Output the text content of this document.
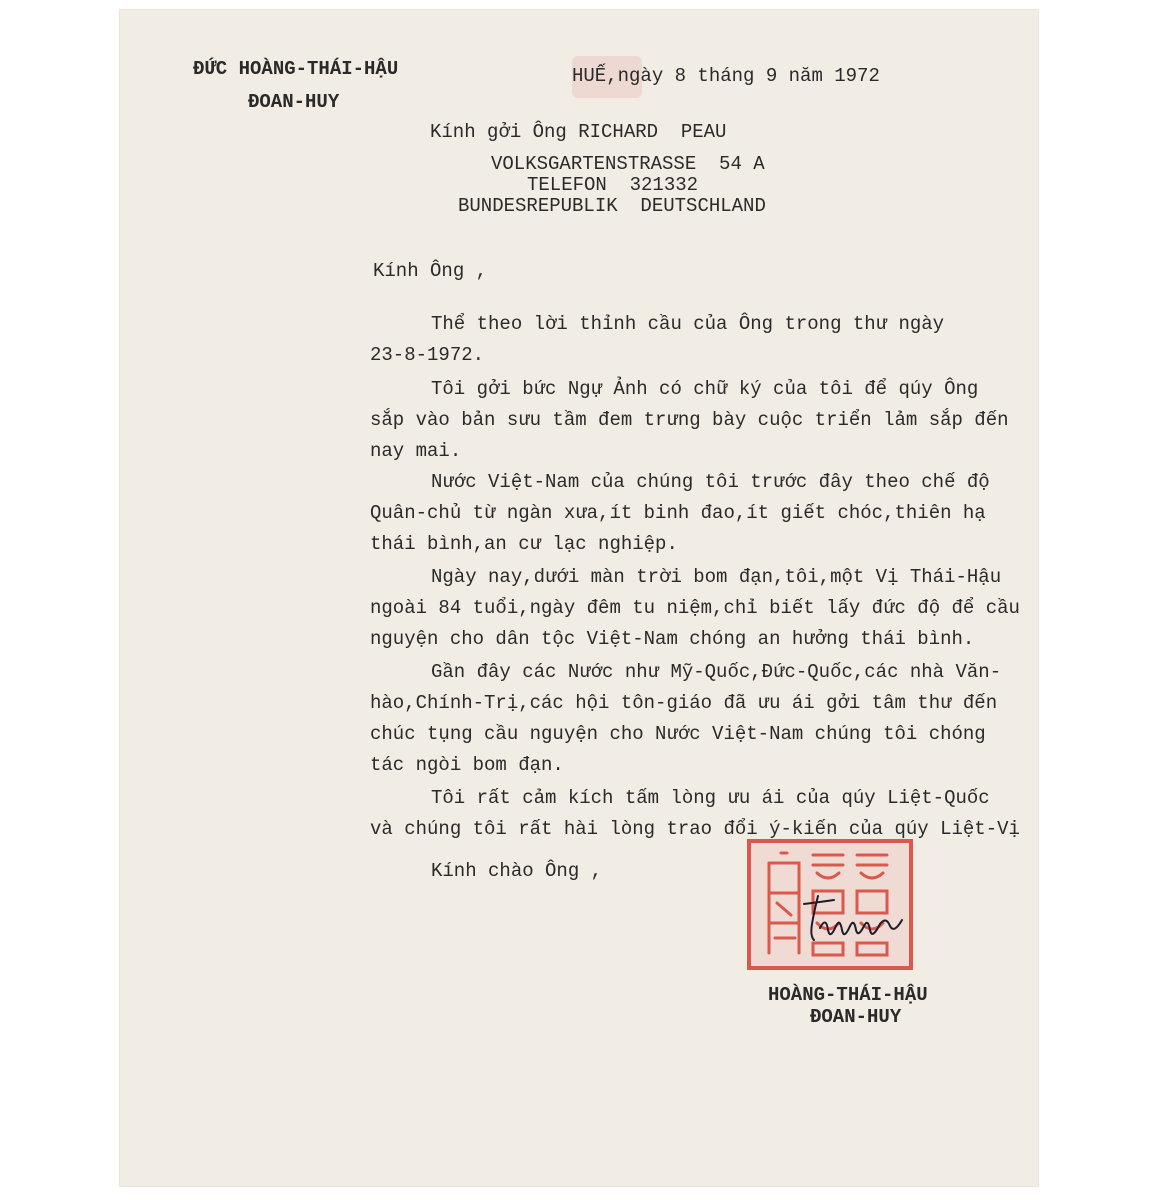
ĐỨC HOÀNG-THÁI-HẬU
ĐOAN-HUY
HUẾ,ngày 8 tháng 9 năm 1972
Kính gởi Ông RICHARD  PEAU
VOLKSGARTENSTRASSE  54 A
TELEFON  321332
BUNDESREPUBLIK  DEUTSCHLAND
Kính Ông ,
Thể theo lời thỉnh cầu của Ông trong thư ngày
23-8-1972.
Tôi gởi bức Ngự Ảnh có chữ ký của tôi để qúy Ông
sắp vào bản sưu tầm đem trưng bày cuộc triển lảm sắp đến
nay mai.
Nước Việt-Nam của chúng tôi trước đây theo chế độ
Quân-chủ từ ngàn xưa,ít binh đao,ít giết chóc,thiên hạ
thái bình,an cư lạc nghiệp.
Ngày nay,dưới màn trời bom đạn,tôi,một Vị Thái-Hậu
ngoài 84 tuổi,ngày đêm tu niệm,chỉ biết lấy đức độ để cầu
nguyện cho dân tộc Việt-Nam chóng an hưởng thái bình.
Gần đây các Nước như Mỹ-Quốc,Đức-Quốc,các nhà Văn-
hào,Chính-Trị,các hội tôn-giáo đã ưu ái gởi tâm thư đến
chúc tụng cầu nguyện cho Nước Việt-Nam chúng tôi chóng
tác ngòi bom đạn.
Tôi rất cảm kích tấm lòng ưu ái của qúy Liệt-Quốc
và chúng tôi rất hài lòng trao đổi ý-kiến của qúy Liệt-Vị
Kính chào Ông ,
HOÀNG-THÁI-HẬU
ĐOAN-HUY
